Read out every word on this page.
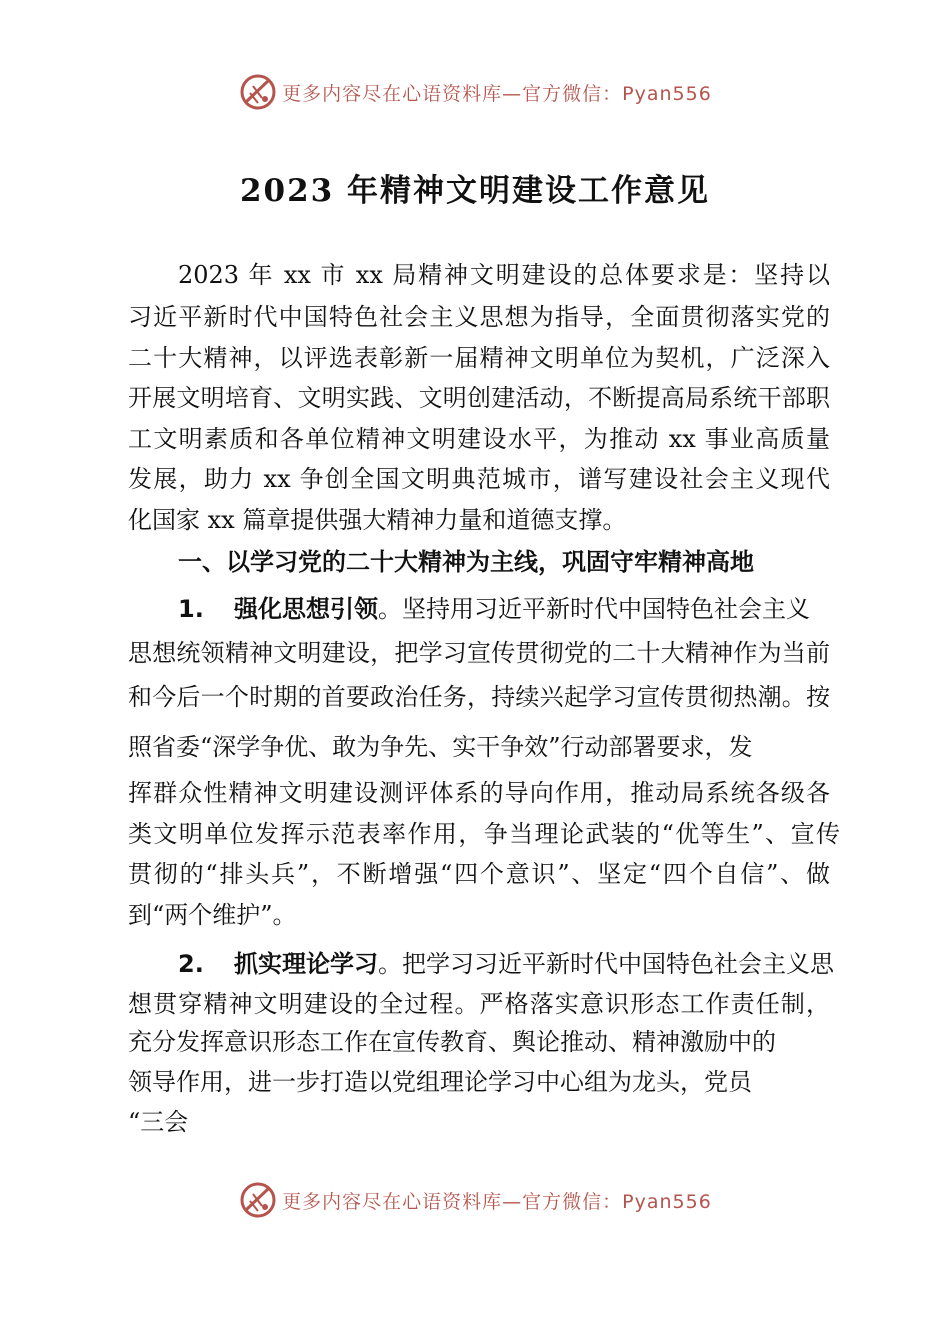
更多内容尽在心语资料库—官方微信：Pyan556
2023 年精神文明建设工作意见

2023 年 xx 市 xx 局精神文明建设的总体要求是：坚持以

习近平新时代中国特色社会主义思想为指导，全面贯彻落实党的

二十大精神，以评选表彰新一届精神文明单位为契机，广泛深入

开展文明培育、文明实践、文明创建活动，不断提高局系统干部职

工文明素质和各单位精神文明建设水平，为推动 xx 事业高质量

发展，助力 xx 争创全国文明典范城市，谱写建设社会主义现代

化国家 xx 篇章提供强大精神力量和道德支撑。

一、以学习党的二十大精神为主线，巩固守牢精神高地

1. 强化思想引领。坚持用习近平新时代中国特色社会主义

思想统领精神文明建设，把学习宣传贯彻党的二十大精神作为当前

和今后一个时期的首要政治任务，持续兴起学习宣传贯彻热潮。按

照省委“深学争优、敢为争先、实干争效”行动部署要求，发

挥群众性精神文明建设测评体系的导向作用，推动局系统各级各

类文明单位发挥示范表率作用，争当理论武装的“优等生”、宣传

贯彻的“排头兵”，不断增强“四个意识”、坚定“四个自信”、做

到“两个维护”。

2. 抓实理论学习。把学习习近平新时代中国特色社会主义思

想贯穿精神文明建设的全过程。严格落实意识形态工作责任制，

充分发挥意识形态工作在宣传教育、舆论推动、精神激励中的

领导作用，进一步打造以党组理论学习中心组为龙头，党员

“三会

更多内容尽在心语资料库—官方微信：Pyan556
